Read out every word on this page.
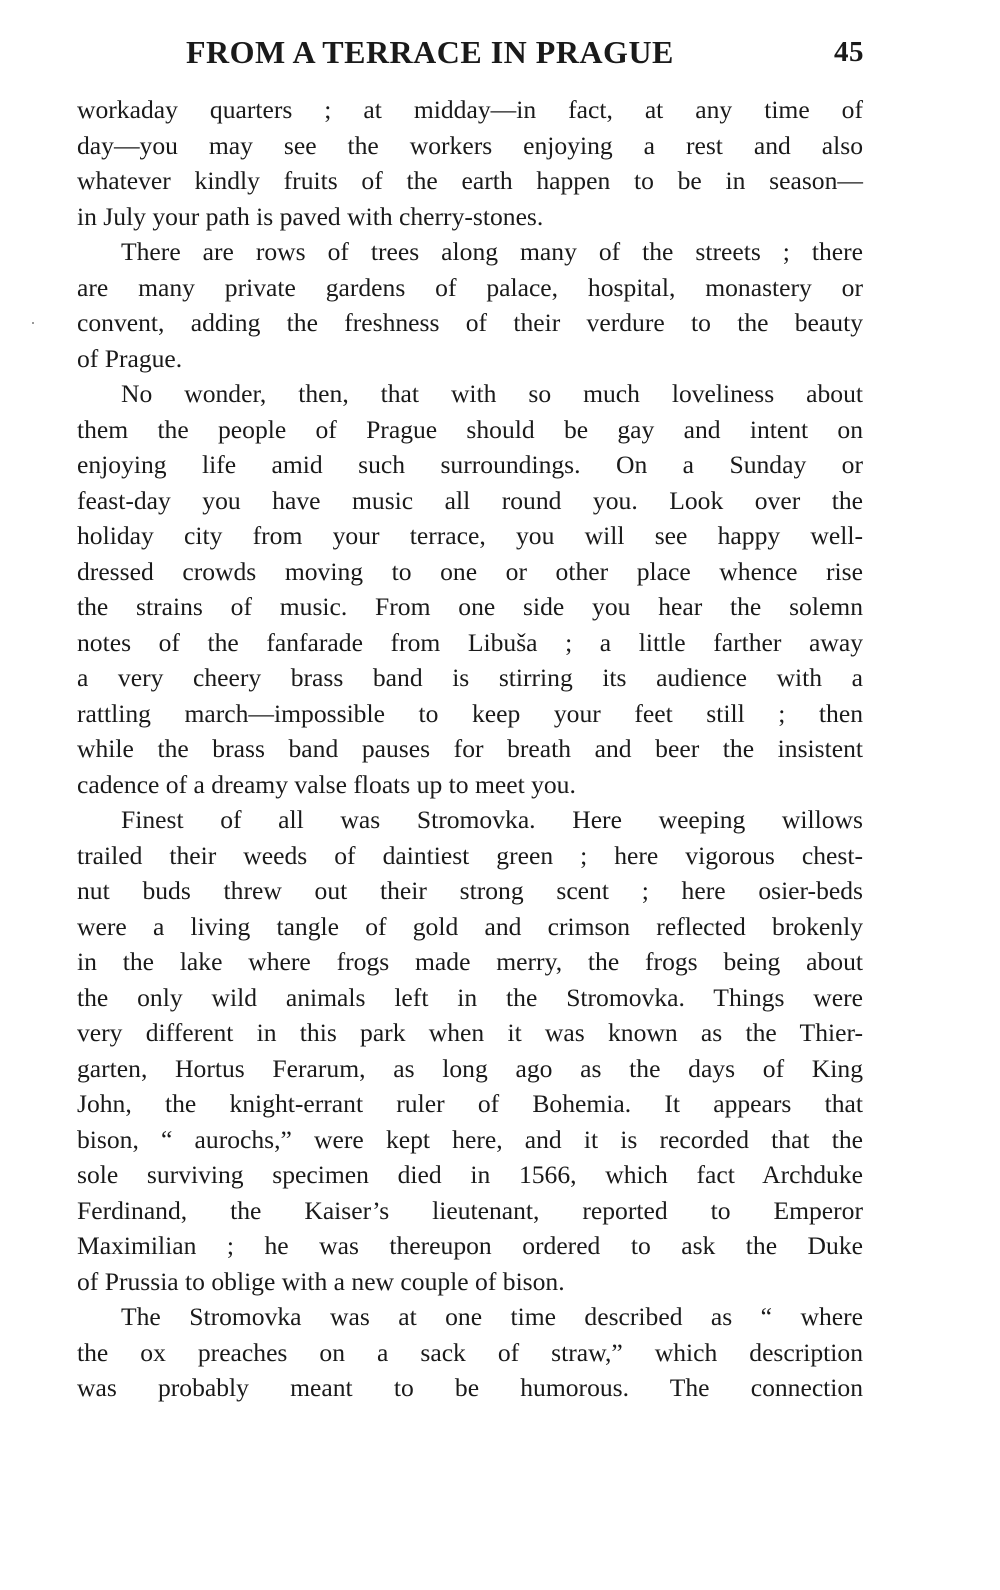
FROM A TERRACE IN PRAGUE	45
workaday quarters ; at midday—in fact, at any time of
day—you may see the workers enjoying a rest and also
whatever kindly fruits of the earth happen to be in season—
in July your path is paved with cherry-stones.
There are rows of trees along many of the streets ; there
are many private gardens of palace, hospital, monastery or
convent, adding the freshness of their verdure to the beauty
of Prague.
No wonder, then, that with so much loveliness about
them the people of Prague should be gay and intent on
enjoying life amid such surroundings. On a Sunday or
feast-day you have music all round you. Look over the
holiday city from your terrace, you will see happy well-
dressed crowds moving to one or other place whence rise
the strains of music. From one side you hear the solemn
notes of the fanfarade from Libuša ; a little farther away
a very cheery brass band is stirring its audience with a
rattling march—impossible to keep your feet still ; then
while the brass band pauses for breath and beer the insistent
cadence of a dreamy valse floats up to meet you.
Finest of all was Stromovka. Here weeping willows
trailed their weeds of daintiest green ; here vigorous chest-
nut buds threw out their strong scent ; here osier-beds
were a living tangle of gold and crimson reflected brokenly
in the lake where frogs made merry, the frogs being about
the only wild animals left in the Stromovka. Things were
very different in this park when it was known as the Thier-
garten, Hortus Ferarum, as long ago as the days of King
John, the knight-errant ruler of Bohemia. It appears that
bison, “ aurochs,” were kept here, and it is recorded that the
sole surviving specimen died in 1566, which fact Archduke
Ferdinand, the Kaiser’s lieutenant, reported to Emperor
Maximilian ; he was thereupon ordered to ask the Duke
of Prussia to oblige with a new couple of bison.
The Stromovka was at one time described as “ where
the ox preaches on a sack of straw,” which description
was probably meant to be humorous. The connection
